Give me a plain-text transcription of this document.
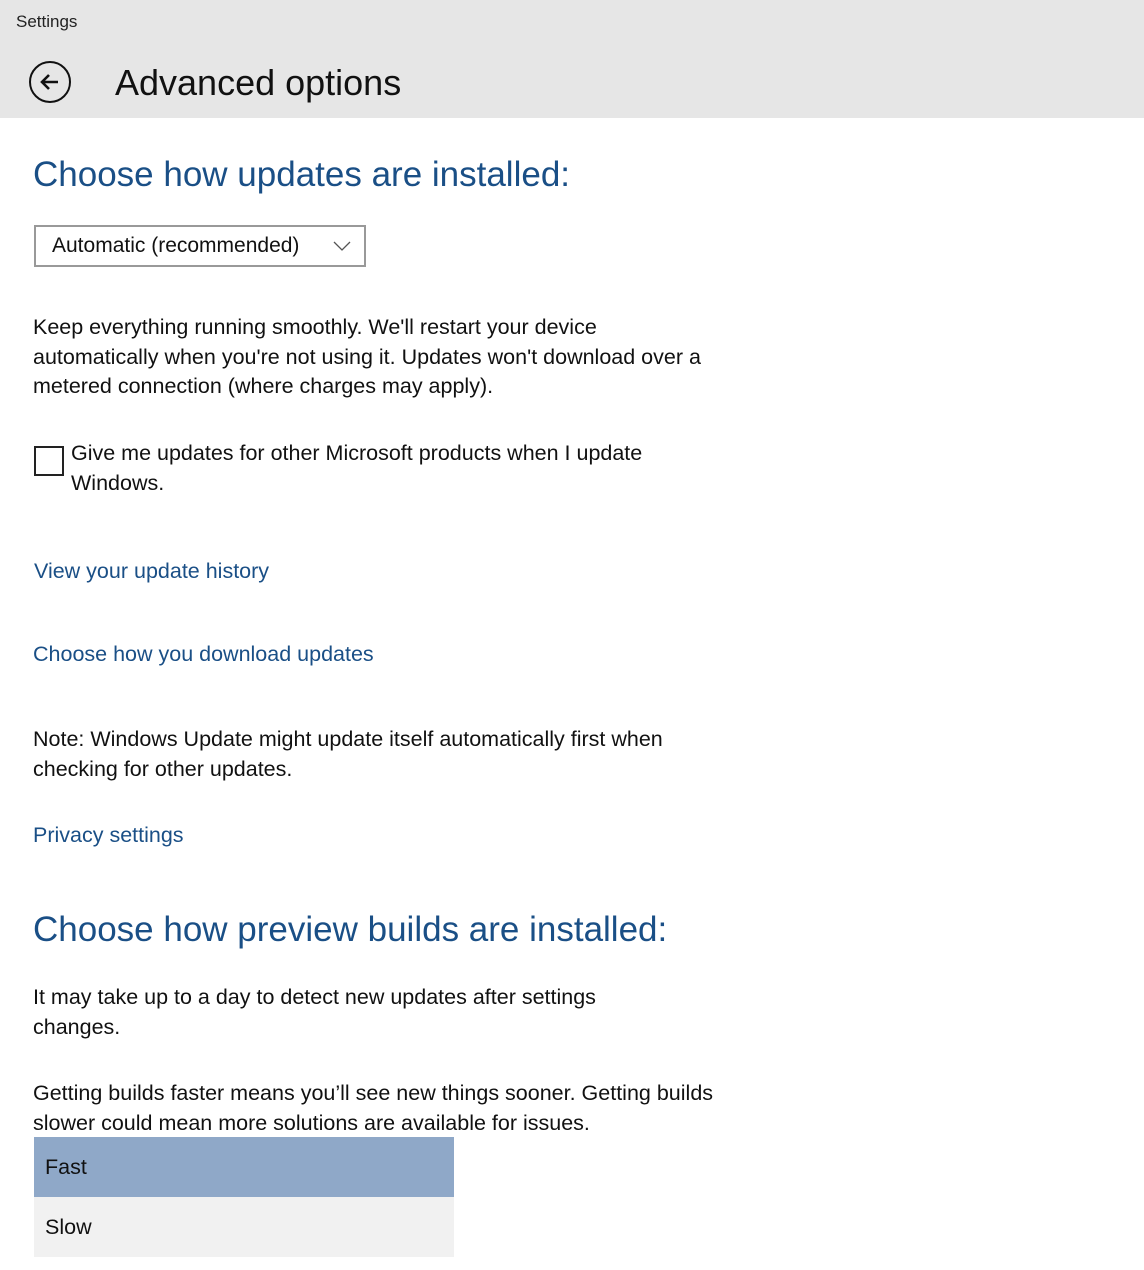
Settings
Advanced options
Choose how updates are installed:
Automatic (recommended)
Keep everything running smoothly. We'll restart your device automatically when you're not using it. Updates won't download over a metered connection (where charges may apply).
Give me updates for other Microsoft products when I update Windows.
View your update history
Choose how you download updates
Note: Windows Update might update itself automatically first when checking for other updates.
Privacy settings
Choose how preview builds are installed:
It may take up to a day to detect new updates after settings changes.
Getting builds faster means you’ll see new things sooner. Getting builds slower could mean more solutions are available for issues.
Fast
Slow
